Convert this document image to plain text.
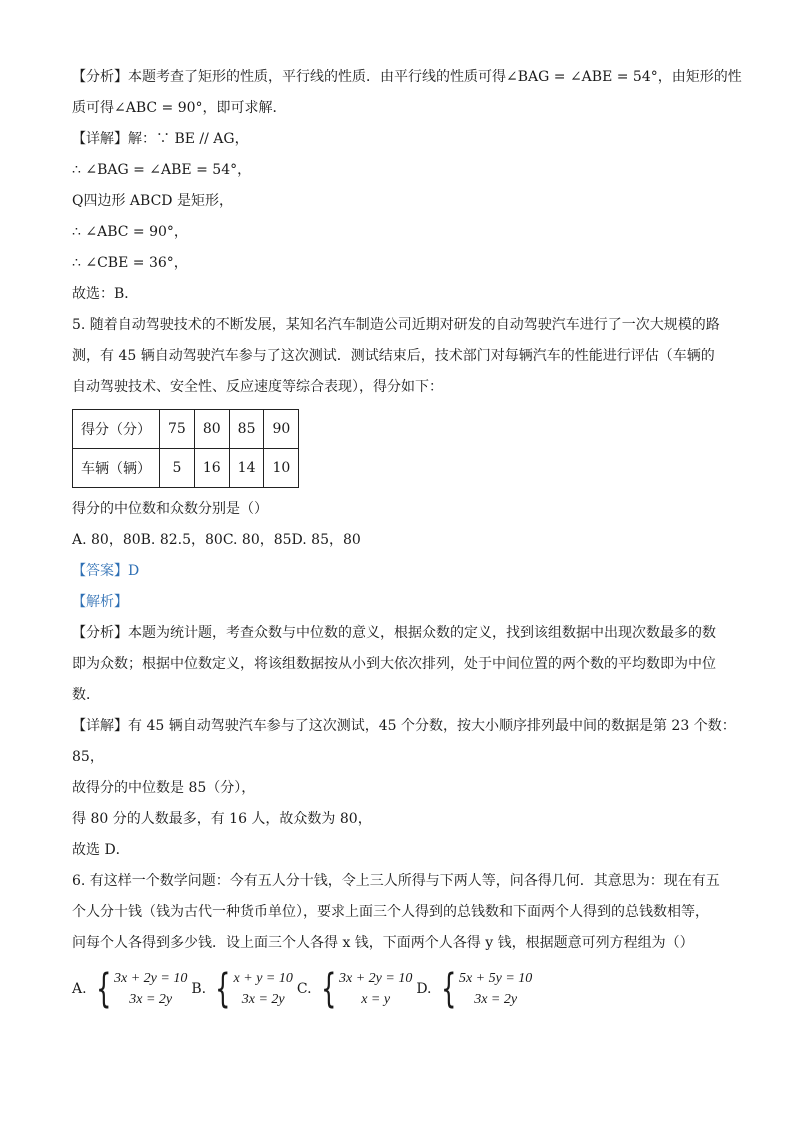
【分析】本题考查了矩形的性质，平行线的性质．由平行线的性质可得∠BAG = ∠ABE = 54°，由矩形的性
质可得∠ABC = 90°，即可求解．
【详解】解：∵ BE // AG，
∴ ∠BAG = ∠ABE = 54°，
Q四边形 ABCD 是矩形，
∴ ∠ABC = 90°，
∴ ∠CBE = 36°，
故选：B．
5. 随着自动驾驶技术的不断发展，某知名汽车制造公司近期对研发的自动驾驶汽车进行了一次大规模的路
测，有 45 辆自动驾驶汽车参与了这次测试．测试结束后，技术部门对每辆汽车的性能进行评估（车辆的
自动驾驶技术、安全性、反应速度等综合表现），得分如下：
得分（分）	75	80	85	90
车辆（辆）	5	16	14	10
得分的中位数和众数分别是（）
A. 80，80B. 82.5，80C. 80，85D. 85，80
【答案】D
【解析】
【分析】本题为统计题，考查众数与中位数的意义，根据众数的定义，找到该组数据中出现次数最多的数
即为众数；根据中位数定义，将该组数据按从小到大依次排列，处于中间位置的两个数的平均数即为中位
数．
【详解】有 45 辆自动驾驶汽车参与了这次测试，45 个分数，按大小顺序排列最中间的数据是第 23 个数：
85，
故得分的中位数是 85（分），
得 80 分的人数最多，有 16 人，故众数为 80，
故选 D．
6. 有这样一个数学问题：今有五人分十钱，令上三人所得与下两人等，问各得几何．其意思为：现在有五
个人分十钱（钱为古代一种货币单位），要求上面三个人得到的总钱数和下面两个人得到的总钱数相等，
问每个人各得到多少钱．设上面三个人各得 x 钱，下面两个人各得 y 钱，根据题意可列方程组为（）
A. { 3x + 2y = 10
3x = 2y
B. { x + y = 10
3x = 2y
C. { 3x + 2y = 10
x = y
D. { 5x + 5y = 10
3x = 2y
